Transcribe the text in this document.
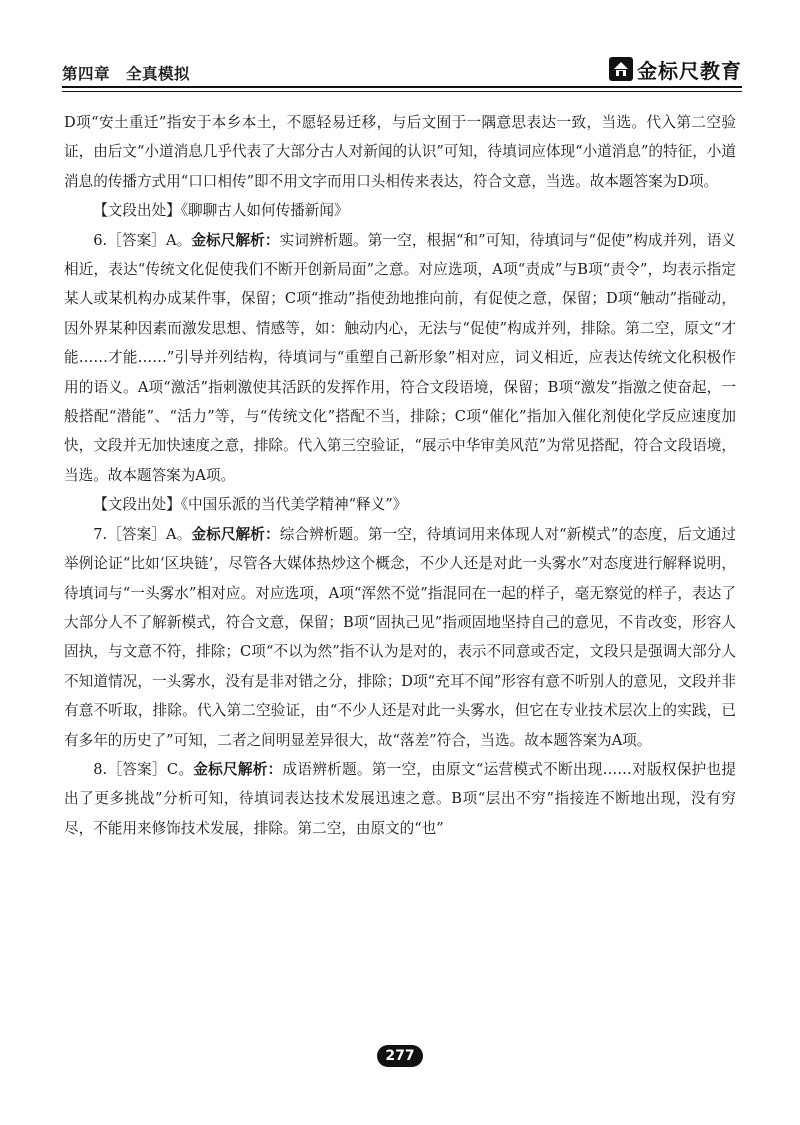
第四章　全真模拟	金标尺教育

D项“安土重迁”指安于本乡本土，不愿轻易迁移，与后文囿于一隅意思表达一致，当选。代入第二空验证，由后文“小道消息几乎代表了大部分古人对新闻的认识”可知，待填词应体现“小道消息”的特征，小道消息的传播方式用“口口相传”即不用文字而用口头相传来表达，符合文意，当选。故本题答案为D项。

【文段出处】《聊聊古人如何传播新闻》

6.［答案］A。金标尺解析：实词辨析题。第一空，根据“和”可知，待填词与“促使”构成并列，语义相近，表达“传统文化促使我们不断开创新局面”之意。对应选项，A项“责成”与B项“责令”，均表示指定某人或某机构办成某件事，保留；C项“推动”指使劲地推向前，有促使之意，保留；D项“触动”指碰动，因外界某种因素而激发思想、情感等，如：触动内心，无法与“促使”构成并列，排除。第二空，原文“才能……才能……”引导并列结构，待填词与“重塑自己新形象”相对应，词义相近，应表达传统文化积极作用的语义。A项“激活”指刺激使其活跃的发挥作用，符合文段语境，保留；B项“激发”指激之使奋起，一般搭配“潜能”、“活力”等，与“传统文化”搭配不当，排除；C项“催化”指加入催化剂使化学反应速度加快，文段并无加快速度之意，排除。代入第三空验证，“展示中华审美风范”为常见搭配，符合文段语境，当选。故本题答案为A项。

【文段出处】《中国乐派的当代美学精神“释义”》

7.［答案］A。金标尺解析：综合辨析题。第一空，待填词用来体现人对“新模式”的态度，后文通过举例论证“比如‘区块链’，尽管各大媒体热炒这个概念，不少人还是对此一头雾水”对态度进行解释说明，待填词与“一头雾水”相对应。对应选项，A项“浑然不觉”指混同在一起的样子，毫无察觉的样子，表达了大部分人不了解新模式，符合文意，保留；B项“固执己见”指顽固地坚持自己的意见，不肯改变，形容人固执，与文意不符，排除；C项“不以为然”指不认为是对的，表示不同意或否定，文段只是强调大部分人不知道情况，一头雾水，没有是非对错之分，排除；D项“充耳不闻”形容有意不听别人的意见，文段并非有意不听取，排除。代入第二空验证，由“不少人还是对此一头雾水，但它在专业技术层次上的实践，已有多年的历史了”可知，二者之间明显差异很大，故“落差”符合，当选。故本题答案为A项。

8.［答案］C。金标尺解析：成语辨析题。第一空，由原文“运营模式不断出现……对版权保护也提出了更多挑战”分析可知，待填词表达技术发展迅速之意。B项“层出不穷”指接连不断地出现，没有穷尽，不能用来修饰技术发展，排除。第二空，由原文的“也”

277
